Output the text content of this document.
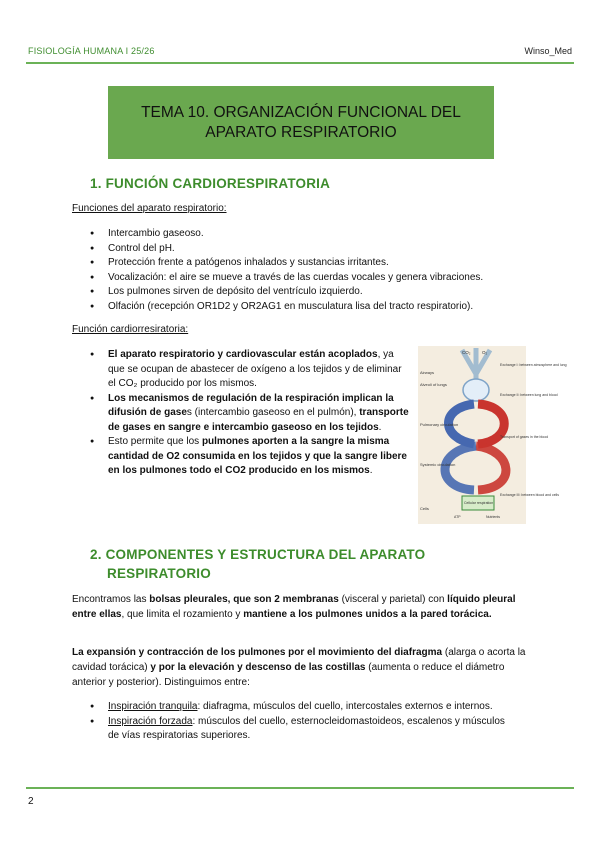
FISIOLOGÍA HUMANA I 25/26	Winso_Med
TEMA 10. ORGANIZACIÓN FUNCIONAL DEL
APARATO RESPIRATORIO
1. FUNCIÓN CARDIORESPIRATORIA
Funciones del aparato respiratorio:
● Intercambio gaseoso.
● Control del pH.
● Protección frente a patógenos inhalados y sustancias irritantes.
● Vocalización: el aire se mueve a través de las cuerdas vocales y genera vibraciones.
● Los pulmones sirven de depósito del ventrículo izquierdo.
● Olfación (recepción OR1D2 y OR2AG1 en musculatura lisa del tracto respiratorio).
Función cardiorresiratoria:
● El aparato respiratorio y cardiovascular están acoplados, ya que se ocupan de abastecer de oxígeno a los tejidos y de eliminar el CO₂ producido por los mismos.
● Los mecanismos de regulación de la respiración implican la difusión de gases (intercambio gaseoso en el pulmón), transporte de gases en sangre e intercambio gaseoso en los tejidos.
● Esto permite que los pulmones aporten a la sangre la misma cantidad de O2 consumida en los tejidos y que la sangre libere en los pulmones todo el CO2 producido en los mismos.
CO₂	O₂
Airways
Alveoli of lungs
Pulmonary circulation
Systemic circulation
Cells
Exchange I: between atmosphere and lung
Exchange II: between lung and blood
Transport of gases in the blood
Exchange III: between blood and cells
Cellular respiration
Nutrients
ATP
2. COMPONENTES Y ESTRUCTURA DEL APARATO
RESPIRATORIO
Encontramos las bolsas pleurales, que son 2 membranas (visceral y parietal) con líquido pleural entre ellas, que limita el rozamiento y mantiene a los pulmones unidos a la pared torácica.
La expansión y contracción de los pulmones por el movimiento del diafragma (alarga o acorta la cavidad torácica) y por la elevación y descenso de las costillas (aumenta o reduce el diámetro anterior y posterior). Distinguimos entre:
● Inspiración tranquila: diafragma, músculos del cuello, intercostales externos e internos.
● Inspiración forzada: músculos del cuello, esternocleidomastoideos, escalenos y músculos de vías respiratorias superiores.
2
